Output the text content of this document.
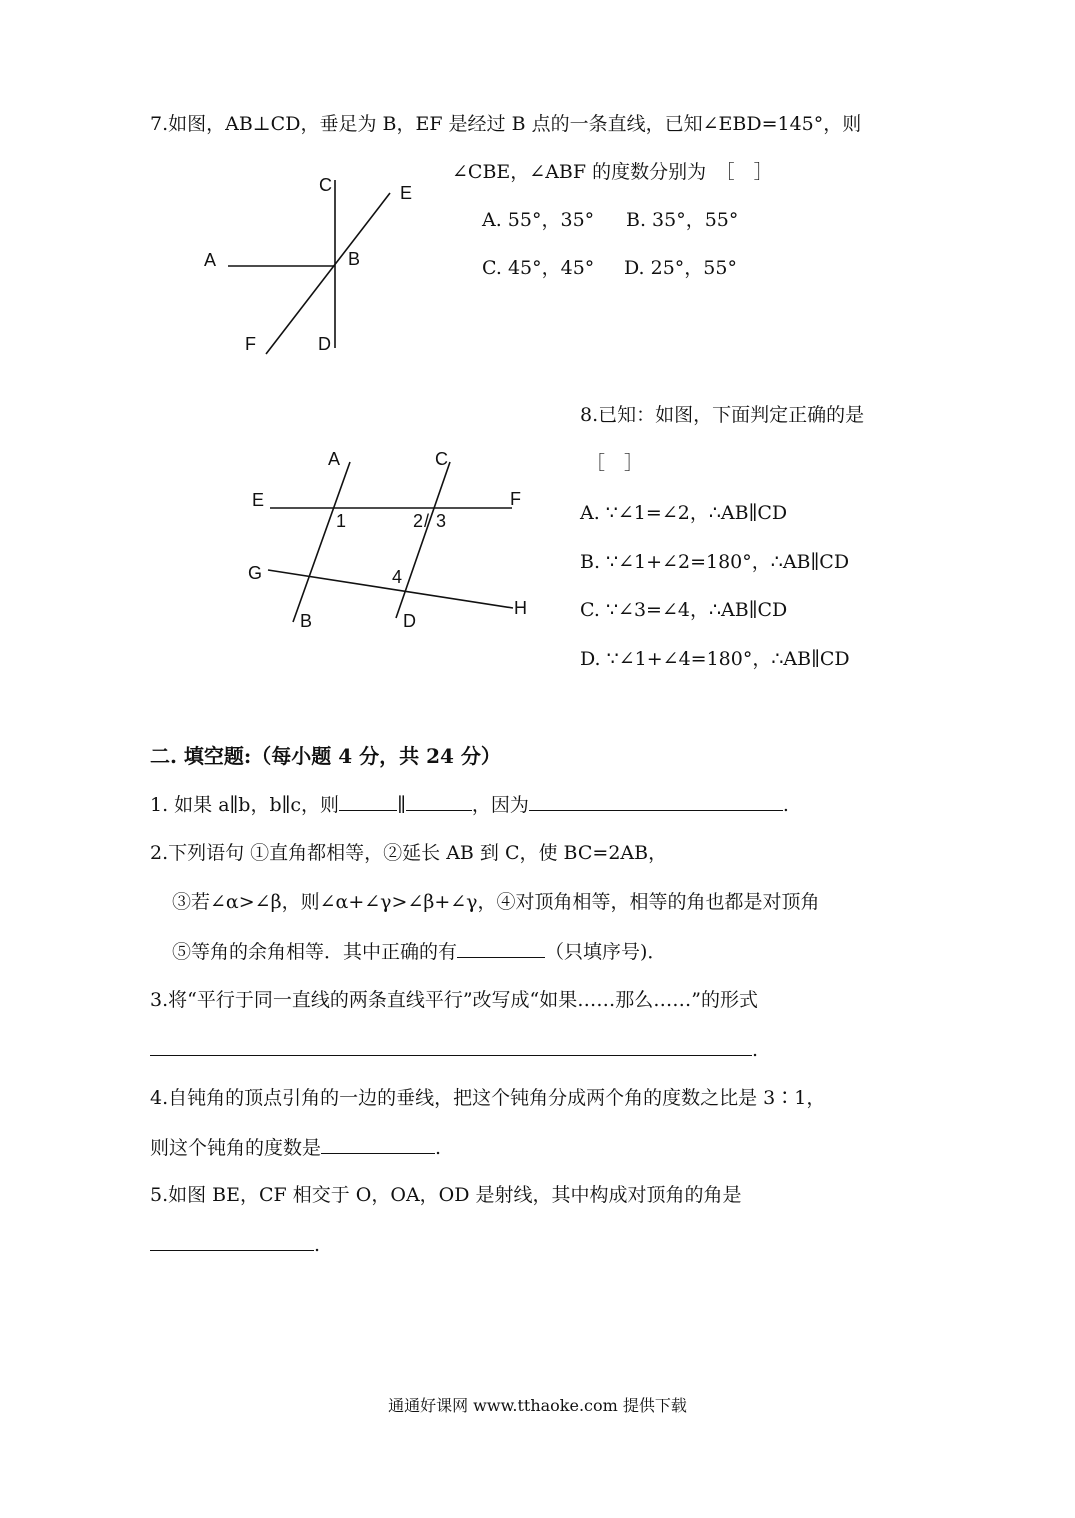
7.如图，AB⊥CD，垂足为 B，EF 是经过 B 点的一条直线，已知∠EBD=145°，则
∠CBE，∠ABF 的度数分别为　［　］
A. 55°，35° B. 35°，55°
C. 45°，45° D. 25°，55°
C	E
A	B
F	D
8.已知：如图，下面判定正确的是
［　］
A. ∵∠1=∠2，∴AB∥CD
B. ∵∠1+∠2=180°，∴AB∥CD
C. ∵∠3=∠4，∴AB∥CD
D. ∵∠1+∠4=180°，∴AB∥CD
A	C
E	F
1	2 / 3
G	4
H
B	D
二. 填空题:（每小题 4 分，共 24 分）
1. 如果 a∥b，b∥c，则	∥	，因为	.
2.下列语句 ①直角都相等，②延长 AB 到 C，使 BC=2AB，
③若∠α>∠β，则∠α+∠γ>∠β+∠γ，④对顶角相等，相等的角也都是对顶角
⑤等角的余角相等．其中正确的有	（只填序号)．
3.将“平行于同一直线的两条直线平行”改写成“如果……那么……”的形式
.
4.自钝角的顶点引角的一边的垂线，把这个钝角分成两个角的度数之比是 3∶1，
则这个钝角的度数是	.
5.如图 BE，CF 相交于 O，OA，OD 是射线，其中构成对顶角的角是
.
通通好课网 www.tthaoke.com 提供下载
